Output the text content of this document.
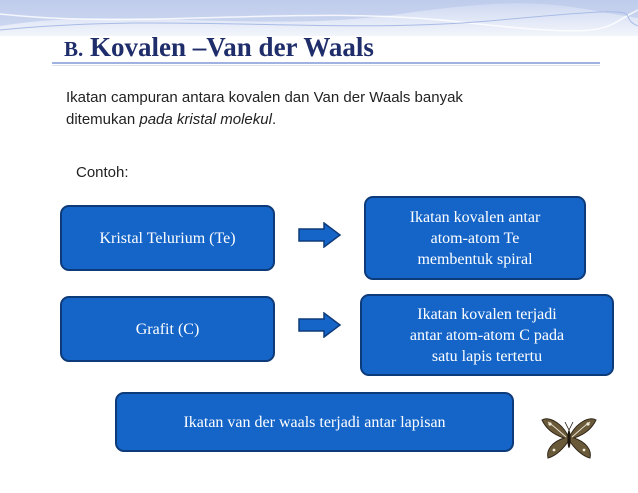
B. Kovalen –Van der Waals

Ikatan campuran antara kovalen dan Van der Waals banyak
ditemukan pada kristal molekul.

Contoh:
Kristal Telurium (Te)
Ikatan kovalen antar
atom-atom Te
membentuk spiral
Grafit (C)
Ikatan kovalen terjadi
antar atom-atom C pada
satu lapis tertertu
Ikatan van der waals terjadi antar lapisan
